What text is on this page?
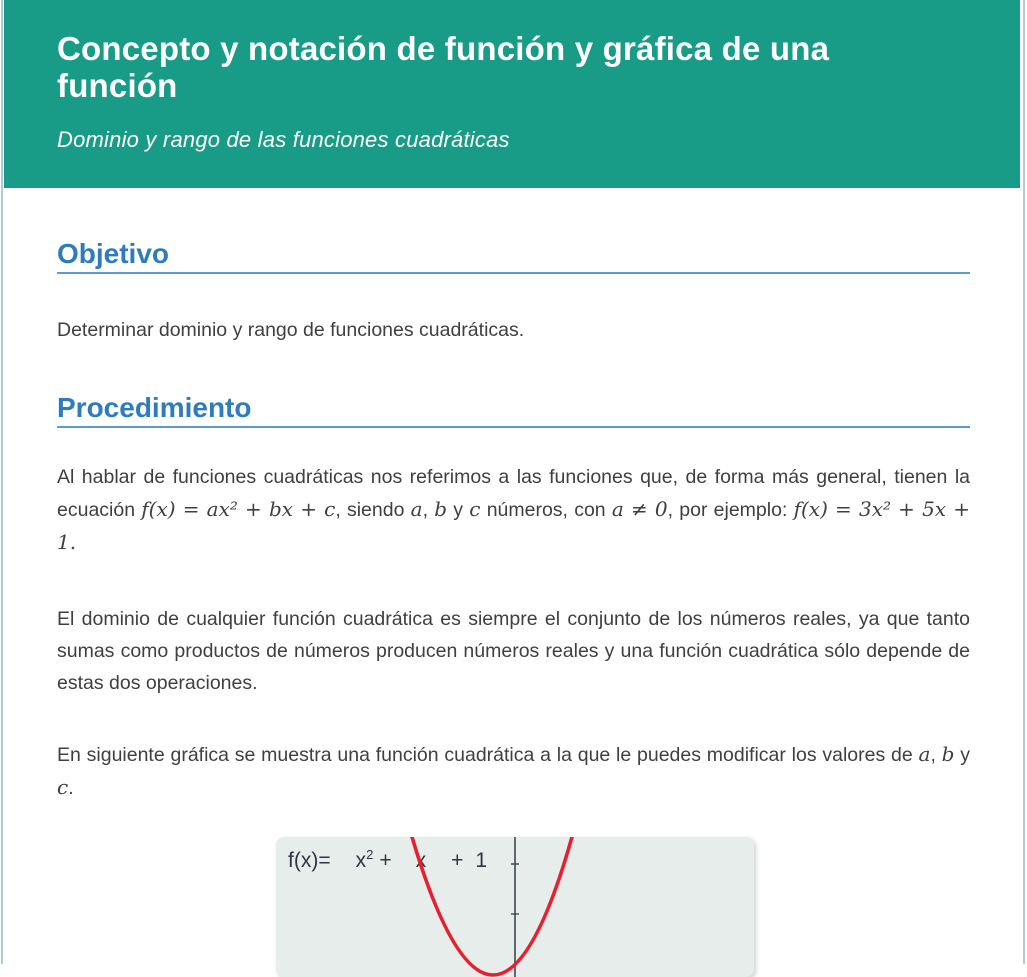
Concepto y notación de función y gráfica de una función
Dominio y rango de las funciones cuadráticas
Objetivo
Determinar dominio y rango de funciones cuadráticas.
Procedimiento
Al hablar de funciones cuadráticas nos referimos a las funciones que, de forma más general, tienen la ecuación f(x) = ax² + bx + c, siendo a, b y c números, con a ≠ 0, por ejemplo: f(x) = 3x² + 5x + 1.
El dominio de cualquier función cuadrática es siempre el conjunto de los números reales, ya que tanto sumas como productos de números producen números reales y una función cuadrática sólo depende de estas dos operaciones.
En siguiente gráfica se muestra una función cuadrática a la que le puedes modificar los valores de a, b y c.
$f(x)= x^2 + x + 1$
